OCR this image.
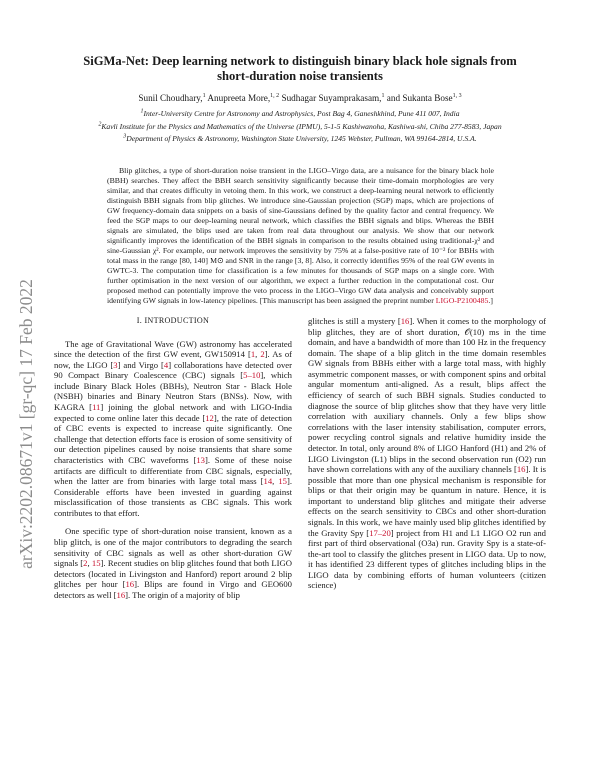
arXiv:2202.08671v1 [gr-qc] 17 Feb 2022
SiGMa-Net: Deep learning network to distinguish binary black hole signals from short-duration noise transients
Sunil Choudhary,$^1$ Anupreeta More,$^{1, 2}$ Sudhagar Suyamprakasam,$^1$ and Sukanta Bose$^{1, 3}$
$^1$Inter-University Centre for Astronomy and Astrophysics, Post Bag 4, Ganeshkhind, Pune 411 007, India
$^2$Kavli Institute for the Physics and Mathematics of the Universe (IPMU), 5-1-5 Kashiwanoha, Kashiwa-shi, Chiba 277-8583, Japan
$^3$Department of Physics & Astronomy, Washington State University, 1245 Webster, Pullman, WA 99164-2814, U.S.A.
Blip glitches, a type of short-duration noise transient in the LIGO–Virgo data, are a nuisance for the binary black hole (BBH) searches. They affect the BBH search sensitivity significantly because their time-domain morphologies are very similar, and that creates difficulty in vetoing them. In this work, we construct a deep-learning neural network to efficiently distinguish BBH signals from blip glitches. We introduce sine-Gaussian projection (SGP) maps, which are projections of GW frequency-domain data snippets on a basis of sine-Gaussians defined by the quality factor and central frequency. We feed the SGP maps to our deep-learning neural network, which classifies the BBH signals and blips. Whereas the BBH signals are simulated, the blips used are taken from real data throughout our analysis. We show that our network significantly improves the identification of the BBH signals in comparison to the results obtained using traditional-χ² and sine-Gaussian χ². For example, our network improves the sensitivity by 75% at a false-positive rate of 10⁻² for BBHs with total mass in the range [80, 140] M⊙ and SNR in the range [3, 8]. Also, it correctly identifies 95% of the real GW events in GWTC-3. The computation time for classification is a few minutes for thousands of SGP maps on a single core. With further optimisation in the next version of our algorithm, we expect a further reduction in the computational cost. Our proposed method can potentially improve the veto process in the LIGO–Virgo GW data analysis and conceivably support identifying GW signals in low-latency pipelines. [This manuscript has been assigned the preprint number LIGO-P2100485.]
I. INTRODUCTION

The age of Gravitational Wave (GW) astronomy has accelerated since the detection of the first GW event, GW150914 [1, 2]. As of now, the LIGO [3] and Virgo [4] collaborations have detected over 90 Compact Binary Coalescence (CBC) signals [5–10], which include Binary Black Holes (BBHs), Neutron Star - Black Hole (NSBH) binaries and Binary Neutron Stars (BNSs). Now, with KAGRA [11] joining the global network and with LIGO-India expected to come online later this decade [12], the rate of detection of CBC events is expected to increase quite significantly. One challenge that detection efforts face is erosion of some sensitivity of our detection pipelines caused by noise transients that share some characteristics with CBC waveforms [13]. Some of these noise artifacts are difficult to differentiate from CBC signals, especially, when the latter are from binaries with large total mass [14, 15]. Considerable efforts have been invested in guarding against misclassification of those transients as CBC signals. This work contributes to that effort.

One specific type of short-duration noise transient, known as a blip glitch, is one of the major contributors to degrading the search sensitivity of CBC signals as well as other short-duration GW signals [2, 15]. Recent studies on blip glitches found that both LIGO detectors (located in Livingston and Hanford) report around 2 blip glitches per hour [16]. Blips are found in Virgo and GEO600 detectors as well [16]. The origin of a majority of blip

glitches is still a mystery [16]. When it comes to the morphology of blip glitches, they are of short duration, 𝒪(10) ms in the time domain, and have a bandwidth of more than 100 Hz in the frequency domain. The shape of a blip glitch in the time domain resembles GW signals from BBHs either with a large total mass, with highly asymmetric component masses, or with component spins and orbital angular momentum anti-aligned. As a result, blips affect the efficiency of search of such BBH signals. Studies conducted to diagnose the source of blip glitches show that they have very little correlation with auxiliary channels. Only a few blips show correlations with the laser intensity stabilisation, computer errors, power recycling control signals and relative humidity inside the detector. In total, only around 8% of LIGO Hanford (H1) and 2% of LIGO Livingston (L1) blips in the second observation run (O2) run have shown correlations with any of the auxiliary channels [16]. It is possible that more than one physical mechanism is responsible for blips or that their origin may be quantum in nature. Hence, it is important to understand blip glitches and mitigate their adverse effects on the search sensitivity to CBCs and other short-duration signals. In this work, we have mainly used blip glitches identified by the Gravity Spy [17–20] project from H1 and L1 LIGO O2 run and first part of third observational (O3a) run. Gravity Spy is a state-of-the-art tool to classify the glitches present in LIGO data. Up to now, it has identified 23 different types of glitches including blips in the LIGO data by combining efforts of human volunteers (citizen science)
